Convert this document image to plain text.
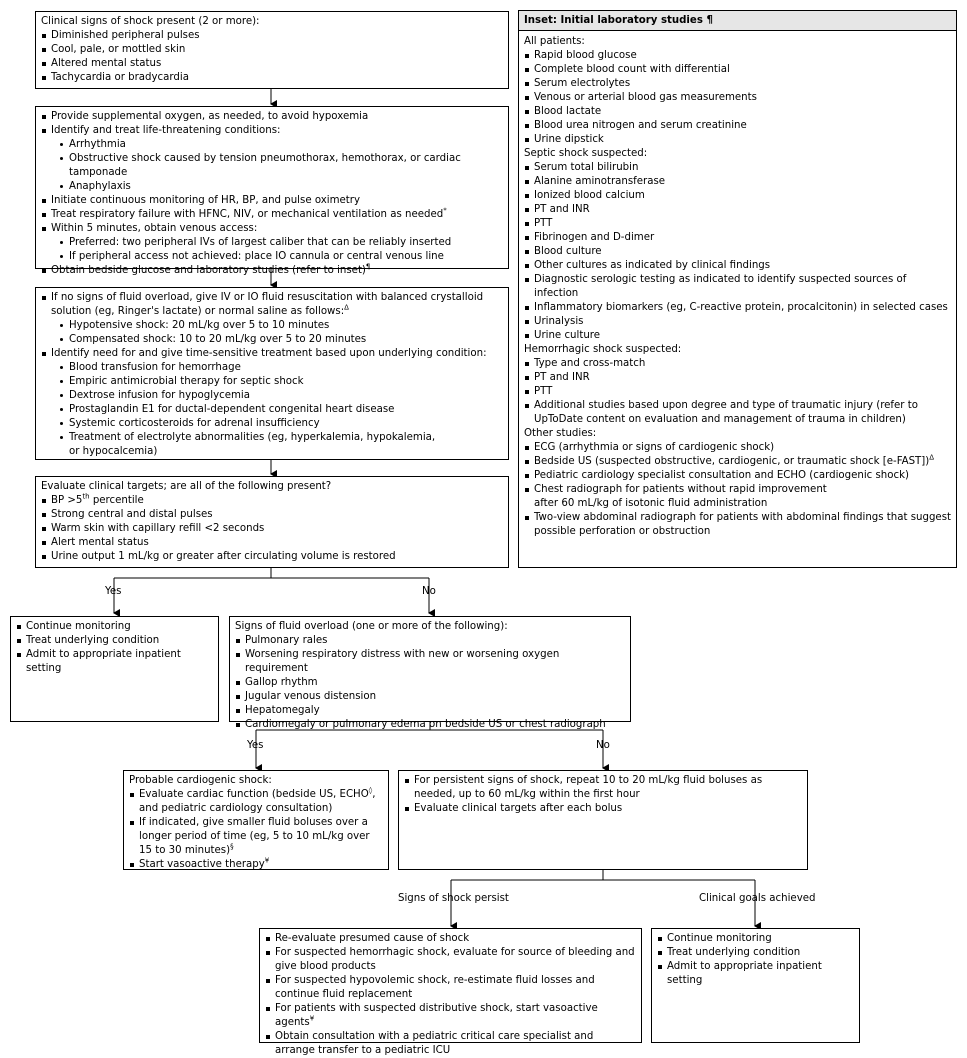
Clinical signs of shock present (2 or more):
Diminished peripheral pulses
Cool, pale, or mottled skin
Altered mental status
Tachycardia or bradycardia
Provide supplemental oxygen, as needed, to avoid hypoxemia
Identify and treat life-threatening conditions:
Arrhythmia
Obstructive shock caused by tension pneumothorax, hemothorax, or cardiac tamponade
Anaphylaxis
Initiate continuous monitoring of HR, BP, and pulse oximetry
Treat respiratory failure with HFNC, NIV, or mechanical ventilation as needed*
Within 5 minutes, obtain venous access:
Preferred: two peripheral IVs of largest caliber that can be reliably inserted
If peripheral access not achieved: place IO cannula or central venous line
Obtain bedside glucose and laboratory studies (refer to inset)¶
If no signs of fluid overload, give IV or IO fluid resuscitation with balanced crystalloid solution (eg, Ringer's lactate) or normal saline as follows:$^\Delta$
Hypotensive shock: 20 mL/kg over 5 to 10 minutes
Compensated shock: 10 to 20 mL/kg over 5 to 20 minutes
Identify need for and give time-sensitive treatment based upon underlying condition:
Blood transfusion for hemorrhage
Empiric antimicrobial therapy for septic shock
Dextrose infusion for hypoglycemia
Prostaglandin E1 for ductal-dependent congenital heart disease
Systemic corticosteroids for adrenal insufficiency
Treatment of electrolyte abnormalities (eg, hyperkalemia, hypokalemia, or hypocalcemia)
Evaluate clinical targets; are all of the following present?
BP >5th percentile
Strong central and distal pulses
Warm skin with capillary refill <2 seconds
Alert mental status
Urine output 1 mL/kg or greater after circulating volume is restored
Yes	No
Yes	No
Signs of shock persist	Clinical goals achieved
Continue monitoring
Treat underlying condition
Admit to appropriate inpatient setting
Signs of fluid overload (one or more of the following):
Pulmonary rales
Worsening respiratory distress with new or worsening oxygen requirement
Gallop rhythm
Jugular venous distension
Hepatomegaly
Cardiomegaly or pulmonary edema on bedside US or chest radiograph
Probable cardiogenic shock:
Evaluate cardiac function (bedside US, ECHO◊, and pediatric cardiology consultation)
If indicated, give smaller fluid boluses over a longer period of time (eg, 5 to 10 mL/kg over 15 to 30 minutes)§
Start vasoactive therapy¥
For persistent signs of shock, repeat 10 to 20 mL/kg fluid boluses as needed, up to 60 mL/kg within the first hour
Evaluate clinical targets after each bolus
Re-evaluate presumed cause of shock
For suspected hemorrhagic shock, evaluate for source of bleeding and give blood products
For suspected hypovolemic shock, re-estimate fluid losses and continue fluid replacement
For patients with suspected distributive shock, start vasoactive agents¥
Obtain consultation with a pediatric critical care specialist and arrange transfer to a pediatric ICU
Continue monitoring
Treat underlying condition
Admit to appropriate inpatient setting
Inset: Initial laboratory studies ¶
All patients:
Rapid blood glucose
Complete blood count with differential
Serum electrolytes
Venous or arterial blood gas measurements
Blood lactate
Blood urea nitrogen and serum creatinine
Urine dipstick
Septic shock suspected:
Serum total bilirubin
Alanine aminotransferase
Ionized blood calcium
PT and INR
PTT
Fibrinogen and D-dimer
Blood culture
Other cultures as indicated by clinical findings
Diagnostic serologic testing as indicated to identify suspected sources of infection
Inflammatory biomarkers (eg, C-reactive protein, procalcitonin) in selected cases
Urinalysis
Urine culture
Hemorrhagic shock suspected:
Type and cross-match
PT and INR
PTT
Additional studies based upon degree and type of traumatic injury (refer to UpToDate content on evaluation and management of trauma in children)
Other studies:
ECG (arrhythmia or signs of cardiogenic shock)
Bedside US (suspected obstructive, cardiogenic, or traumatic shock [e-FAST])$^\Delta$
Pediatric cardiology specialist consultation and ECHO (cardiogenic shock)
Chest radiograph for patients without rapid improvement after 60 mL/kg of isotonic fluid administration
Two-view abdominal radiograph for patients with abdominal findings that suggest possible perforation or obstruction
